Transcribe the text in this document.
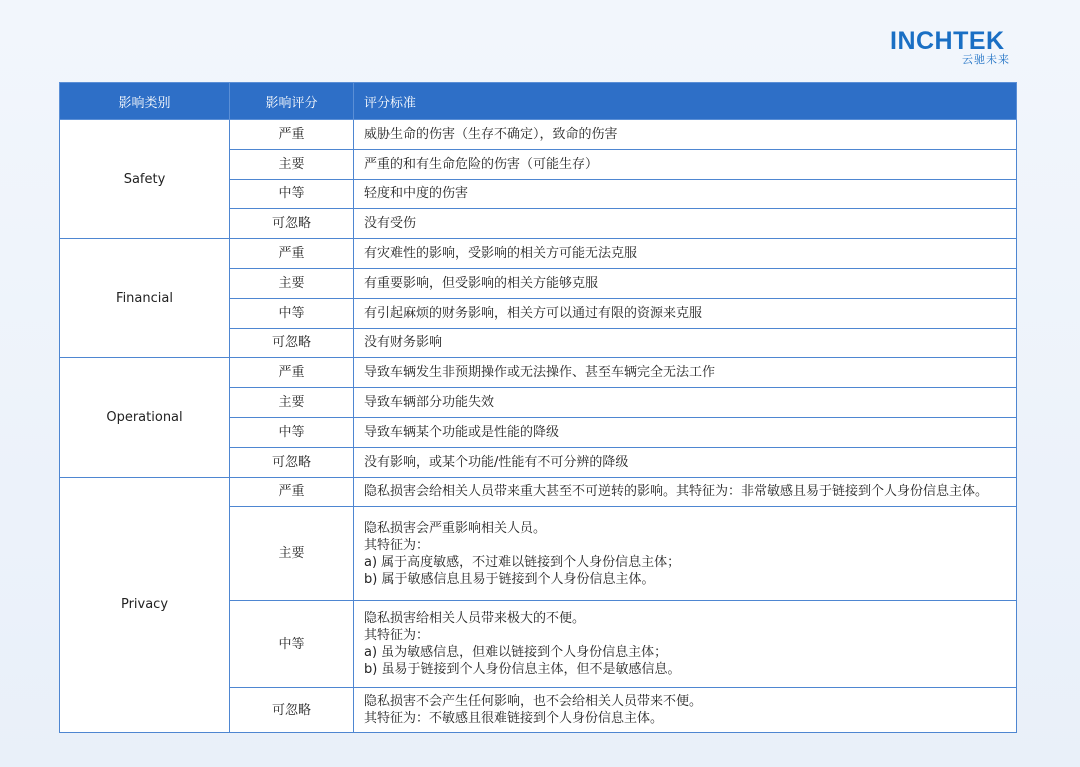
INCHTEK
云驰未来
影响类别	影响评分	评分标准
Safety	严重	威胁生命的伤害（生存不确定），致命的伤害

	主要	严重的和有生命危险的伤害（可能生存）

	中等	轻度和中度的伤害

	可忽略	没有受伤

Financial	严重	有灾难性的影响，受影响的相关方可能无法克服

	主要	有重要影响，但受影响的相关方能够克服

	中等	有引起麻烦的财务影响，相关方可以通过有限的资源来克服

	可忽略	没有财务影响

Operational	严重	导致车辆发生非预期操作或无法操作、甚至车辆完全无法工作

	主要	导致车辆部分功能失效

	中等	导致车辆某个功能或是性能的降级

	可忽略	没有影响，或某个功能/性能有不可分辨的降级

Privacy	严重	隐私损害会给相关人员带来重大甚至不可逆转的影响。其特征为：非常敏感且易于链接到个人身份信息主体。

	主要	隐私损害会严重影响相关人员。
其特征为：
a) 属于高度敏感，不过难以链接到个人身份信息主体；
b) 属于敏感信息且易于链接到个人身份信息主体。

	中等	隐私损害给相关人员带来极大的不便。
其特征为：
a) 虽为敏感信息，但难以链接到个人身份信息主体；
b) 虽易于链接到个人身份信息主体，但不是敏感信息。

	可忽略	隐私损害不会产生任何影响，也不会给相关人员带来不便。
其特征为：不敏感且很难链接到个人身份信息主体。
